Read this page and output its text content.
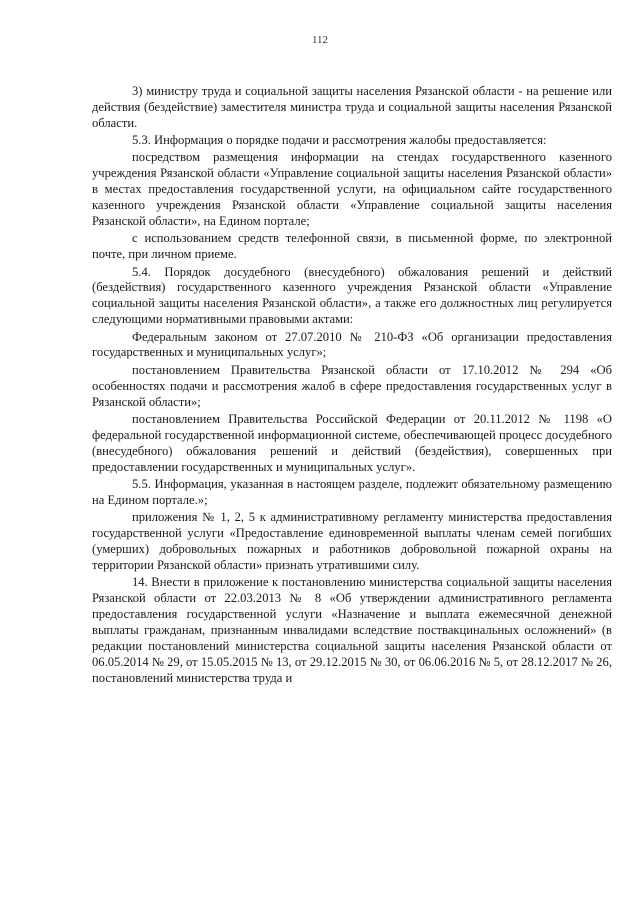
112

3) министру труда и социальной защиты населения Рязанской области - на решение или действия (бездействие) заместителя министра труда и социальной защиты населения Рязанской области.

5.3. Информация о порядке подачи и рассмотрения жалобы предоставляется:

посредством размещения информации на стендах государственного казенного учреждения Рязанской области «Управление социальной защиты населения Рязанской области» в местах предоставления государственной услуги, на официальном сайте государственного казенного учреждения Рязанской области «Управление социальной защиты населения Рязанской области», на Едином портале;

с использованием средств телефонной связи, в письменной форме, по электронной почте, при личном приеме.

5.4. Порядок досудебного (внесудебного) обжалования решений и действий (бездействия) государственного казенного учреждения Рязанской области «Управление социальной защиты населения Рязанской области», а также его должностных лиц регулируется следующими нормативными правовыми актами:

Федеральным законом от 27.07.2010 № 210-ФЗ «Об организации предоставления государственных и муниципальных услуг»;

постановлением Правительства Рязанской области от 17.10.2012 № 294 «Об особенностях подачи и рассмотрения жалоб в сфере предоставления государственных услуг в Рязанской области»;

постановлением Правительства Российской Федерации от 20.11.2012 № 1198 «О федеральной государственной информационной системе, обеспечивающей процесс досудебного (внесудебного) обжалования решений и действий (бездействия), совершенных при предоставлении государственных и муниципальных услуг».

5.5. Информация, указанная в настоящем разделе, подлежит обязательному размещению на Едином портале.»;

приложения № 1, 2, 5 к административному регламенту министерства предоставления государственной услуги «Предоставление единовременной выплаты членам семей погибших (умерших) добровольных пожарных и работников добровольной пожарной охраны на территории Рязанской области» признать утратившими силу.

14. Внести в приложение к постановлению министерства социальной защиты населения Рязанской области от 22.03.2013 № 8 «Об утверждении административного регламента предоставления государственной услуги «Назначение и выплата ежемесячной денежной выплаты гражданам, признанным инвалидами вследствие поствакцинальных осложнений» (в редакции постановлений министерства социальной защиты населения Рязанской области от 06.05.2014 № 29, от 15.05.2015 № 13, от 29.12.2015 № 30, от 06.06.2016 № 5, от 28.12.2017 № 26, постановлений министерства труда и
